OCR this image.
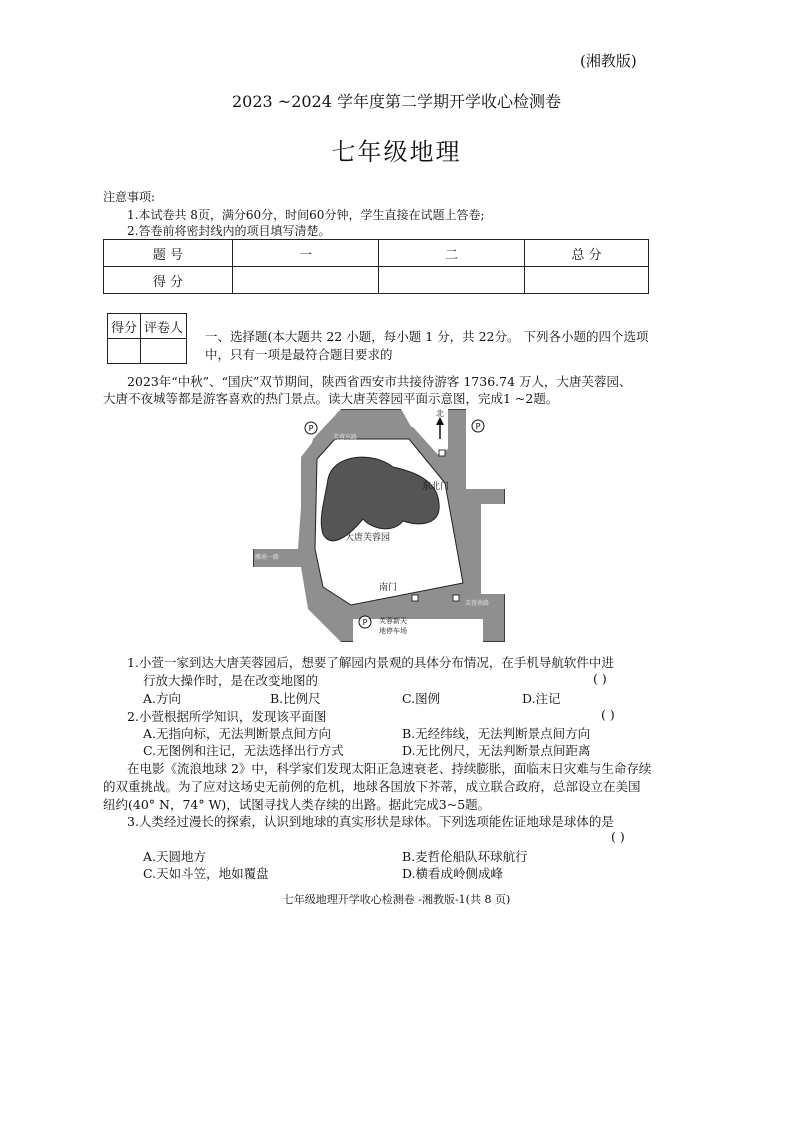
(湘教版)
2023 ~2024 学年度第二学期开学收心检测卷
七年级地理
注意事项:
1.本试卷共 8页，满分60分，时间60分钟，学生直接在试题上答卷;
2.答卷前将密封线内的项目填写清楚。
题 号	一	二	总 分
得 分			
得分	评卷人

一、选择题(本大题共 22 小题，每小题 1 分，共 22分。 下列各小题的四个选项
中，只有一项是最符合题目要求的
2023年“中秋”、“国庆”双节期间，陕西省西安市共接待游客 1736.74 万人，大唐芙蓉园、
大唐不夜城等都是游客喜欢的热门景点。读大唐芙蓉园平面示意图，完成1 ~2题。
北
P	P
P
东北门
大唐芙蓉园
南门
芙蓉新天
地停车场
芙蓉东路
雁南一路
芙蓉南路
1.小萱一家到达大唐芙蓉园后，想要了解园内景观的具体分布情况，在手机导航软件中进
行放大操作时，是在改变地图的	( )
A.方向	B.比例尺	C.图例	D.注记
2.小萱根据所学知识，发现该平面图	( )
A.无指向标，无法判断景点间方向	B.无经纬线，无法判断景点间方向
C.无图例和注记，无法选择出行方式	D.无比例尺，无法判断景点间距离
在电影《流浪地球 2》中，科学家们发现太阳正急速衰老、持续膨胀，面临末日灾难与生命存续
的双重挑战。为了应对这场史无前例的危机，地球各国放下芥蒂，成立联合政府，总部设立在美国
纽约(40° N，74° W)，试图寻找人类存续的出路。据此完成3~5题。
3.人类经过漫长的探索，认识到地球的真实形状是球体。下列选项能佐证地球是球体的是
( )
A.天圆地方	B.麦哲伦船队环球航行
C.天如斗笠，地如覆盘	D.横看成岭侧成峰
七年级地理开学收心检测卷 -湘教版-1(共 8 页)
